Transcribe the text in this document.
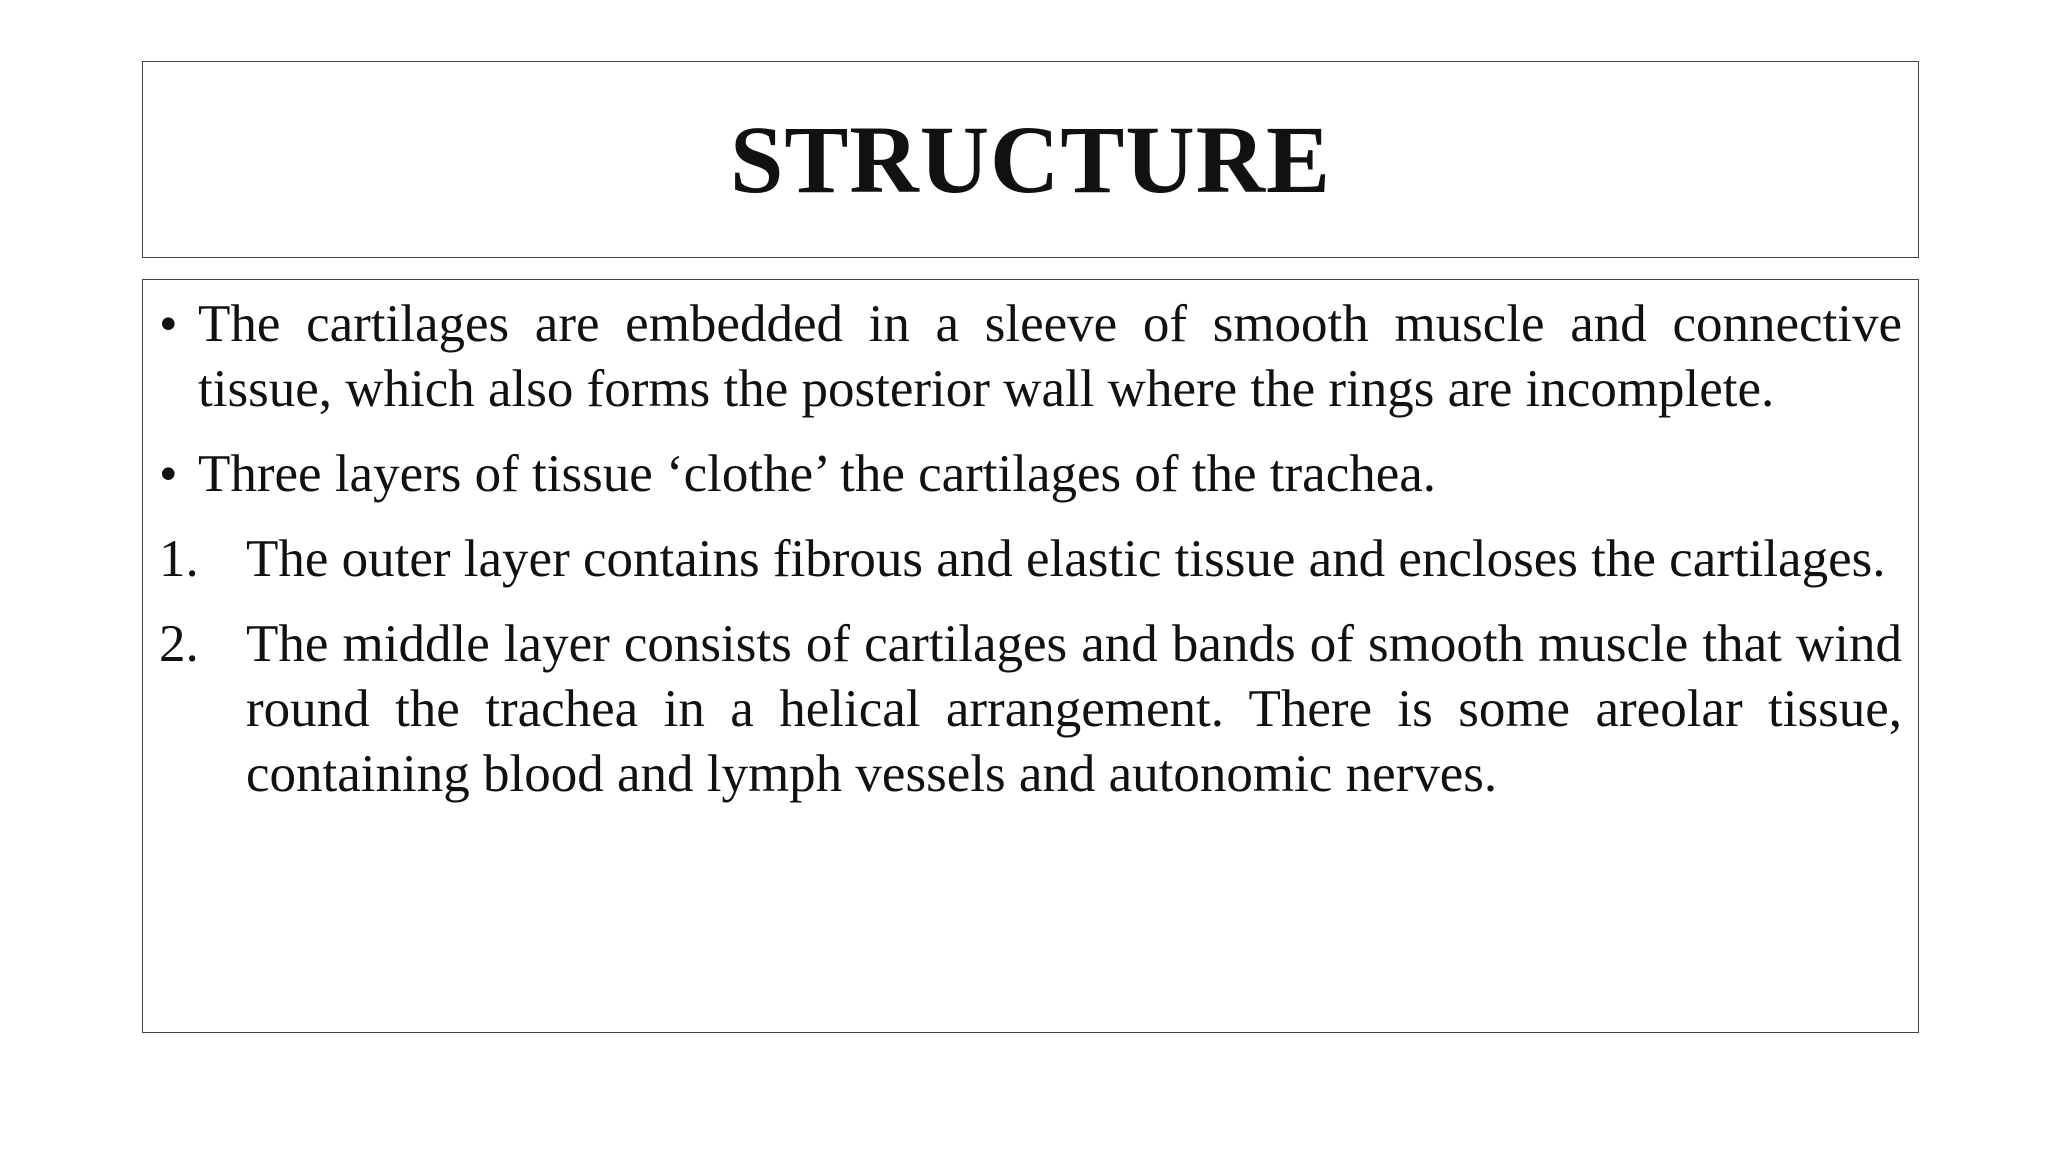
STRUCTURE
• The cartilages are embedded in a sleeve of smooth muscle and connective tissue, which also forms the posterior wall where the rings are incomplete.
• Three layers of tissue ‘clothe’ the cartilages of the trachea.
1. The outer layer contains fibrous and elastic tissue and encloses the cartilages.
2. The middle layer consists of cartilages and bands of smooth muscle that wind round the trachea in a helical arrangement. There is some areolar tissue, containing blood and lymph vessels and autonomic nerves.
